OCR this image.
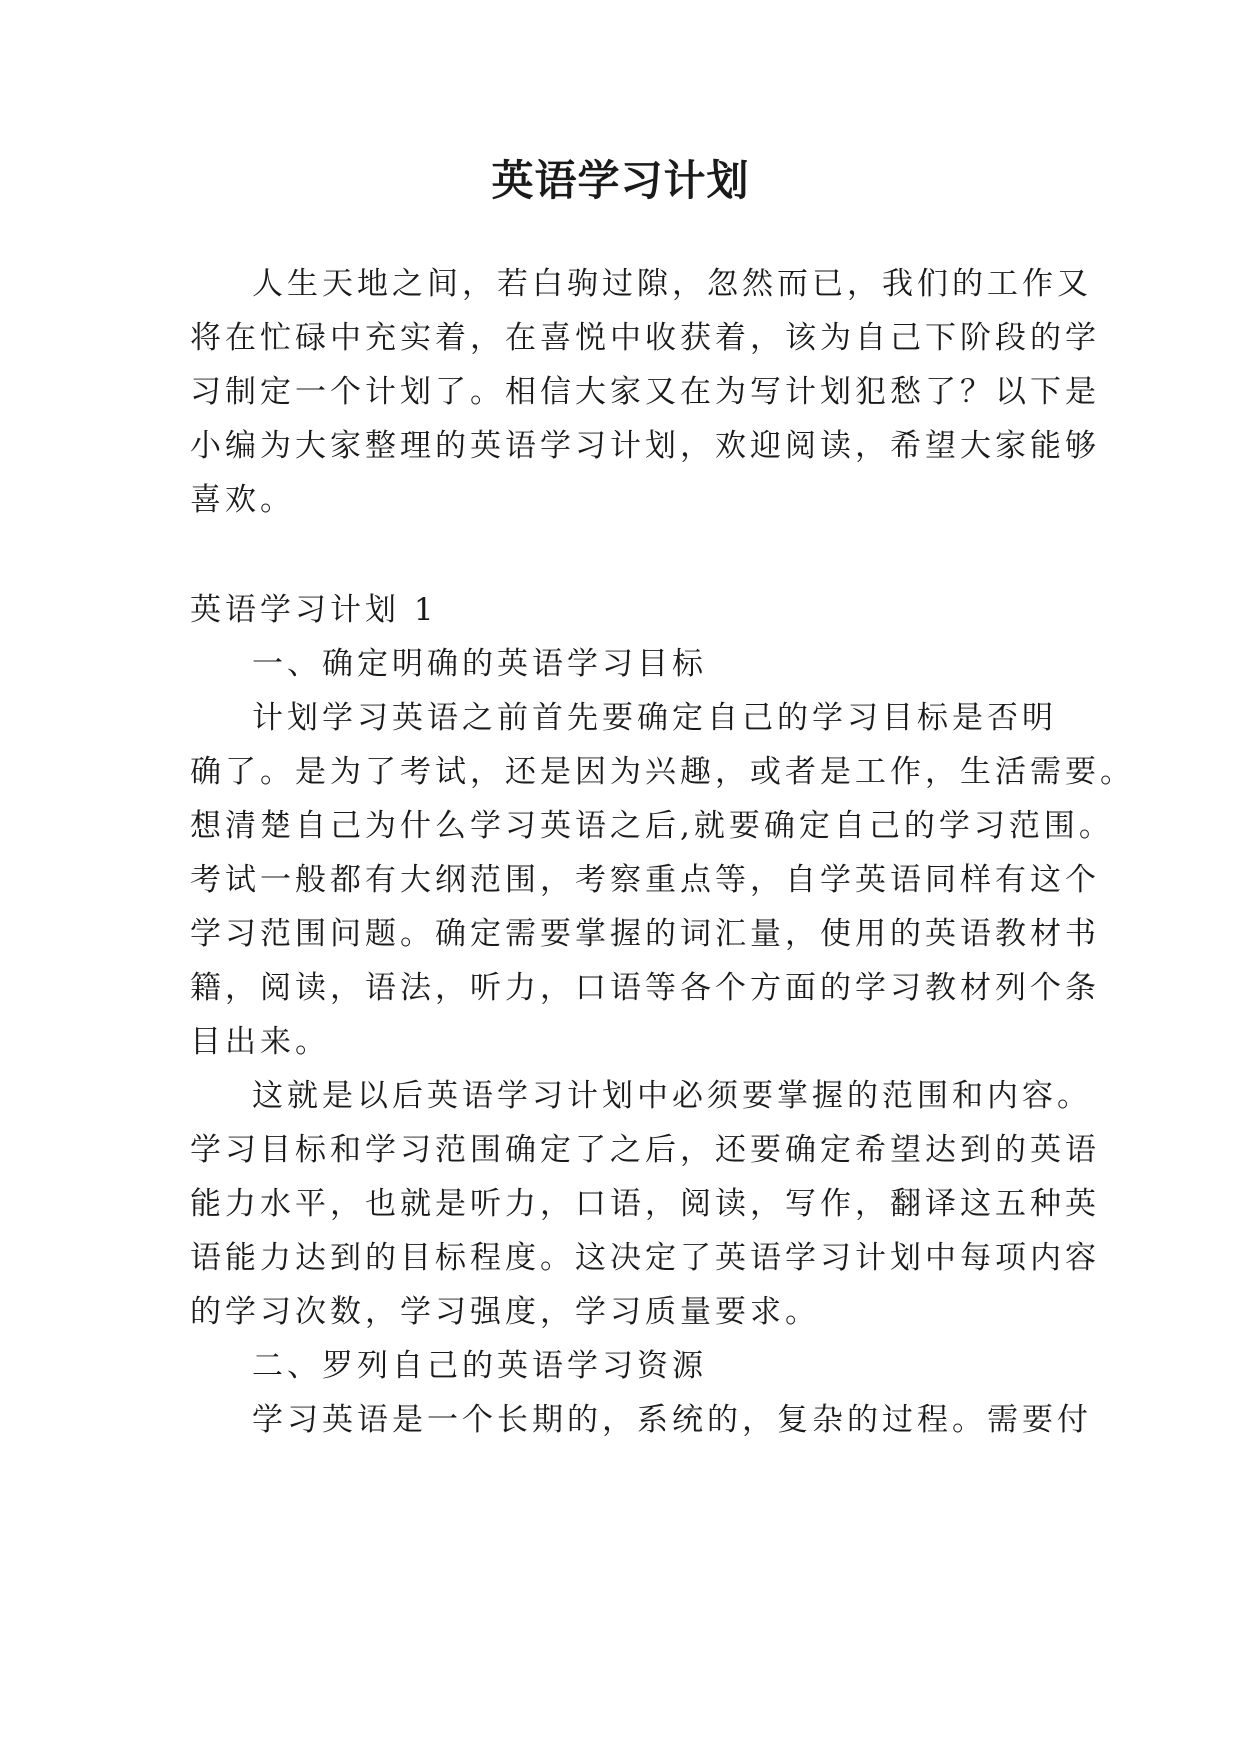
英语学习计划
人生天地之间，若白驹过隙，忽然而已，我们的工作又
将在忙碌中充实着，在喜悦中收获着，该为自己下阶段的学
习制定一个计划了。相信大家又在为写计划犯愁了？以下是
小编为大家整理的英语学习计划，欢迎阅读，希望大家能够
喜欢。
英语学习计划 1
一、确定明确的英语学习目标
计划学习英语之前首先要确定自己的学习目标是否明
确了。是为了考试，还是因为兴趣，或者是工作，生活需要。
想清楚自己为什么学习英语之后,就要确定自己的学习范围。
考试一般都有大纲范围，考察重点等，自学英语同样有这个
学习范围问题。确定需要掌握的词汇量，使用的英语教材书
籍，阅读，语法，听力，口语等各个方面的学习教材列个条
目出来。
这就是以后英语学习计划中必须要掌握的范围和内容。
学习目标和学习范围确定了之后，还要确定希望达到的英语
能力水平，也就是听力，口语，阅读，写作，翻译这五种英
语能力达到的目标程度。这决定了英语学习计划中每项内容
的学习次数，学习强度，学习质量要求。
二、罗列自己的英语学习资源
学习英语是一个长期的，系统的，复杂的过程。需要付
